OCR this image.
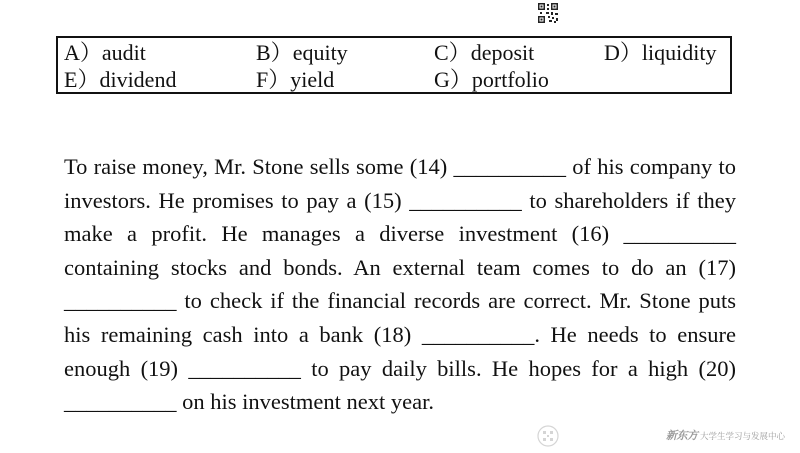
A）audit	B）equity	C）deposit	D）liquidity
E）dividend	F）yield	G）portfolio

To raise money, Mr. Stone sells some (14) __________ of his company to investors. He promises to pay a (15) __________ to shareholders if they make a profit. He manages a diverse investment (16) __________ containing stocks and bonds. An external team comes to do an (17) __________ to check if the financial records are correct. Mr. Stone puts his remaining cash into a bank (18) __________. He needs to ensure enough (19) __________ to pay daily bills. He hopes for a high (20) __________ on his investment next year.

新东方 大学生学习与发展中心
